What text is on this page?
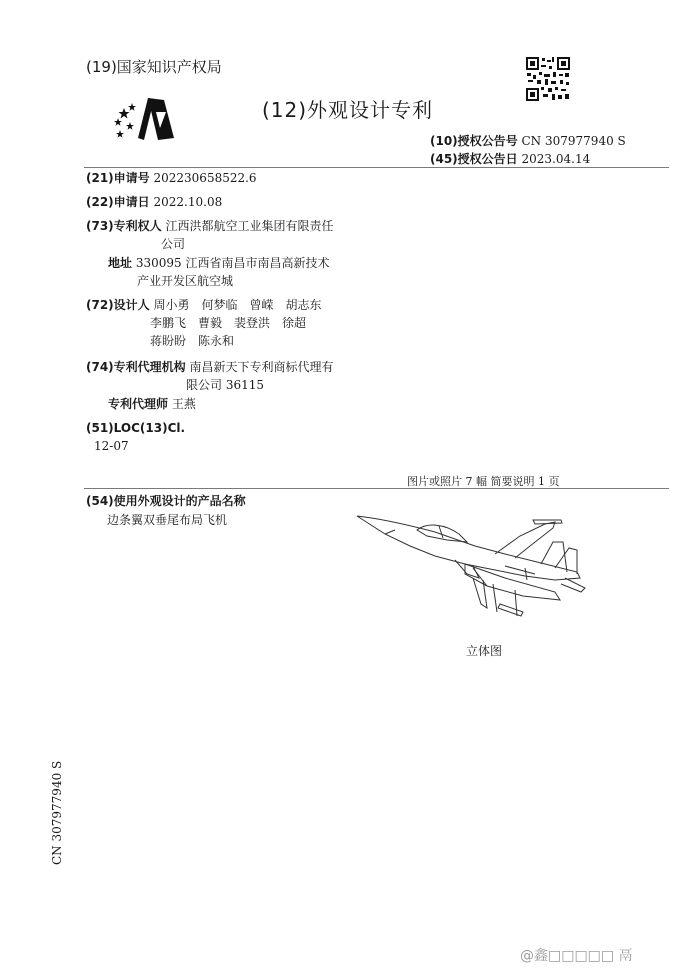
(19)国家知识产权局
(12)外观设计专利
(10)授权公告号 CN 307977940 S
(45)授权公告日 2023.04.14
(21)申请号 202230658522.6
(22)申请日 2022.10.08
(73)专利权人 江西洪都航空工业集团有限责任
公司
地址 330095 江西省南昌市南昌高新技术
产业开发区航空城
(72)设计人 周小勇　何梦临　曾嵘　胡志东
李鹏飞　曹毅　裴登洪　徐超
蒋盼盼　陈永和
(74)专利代理机构 南昌新天下专利商标代理有
限公司 36115
专利代理师 王燕
(51)LOC(13)Cl.
12-07
图片或照片 7 幅 简要说明 1 页
(54)使用外观设计的产品名称
边条翼双垂尾布局飞机
立体图
CN 307977940 S
@鑫□□□□□ 鬲
